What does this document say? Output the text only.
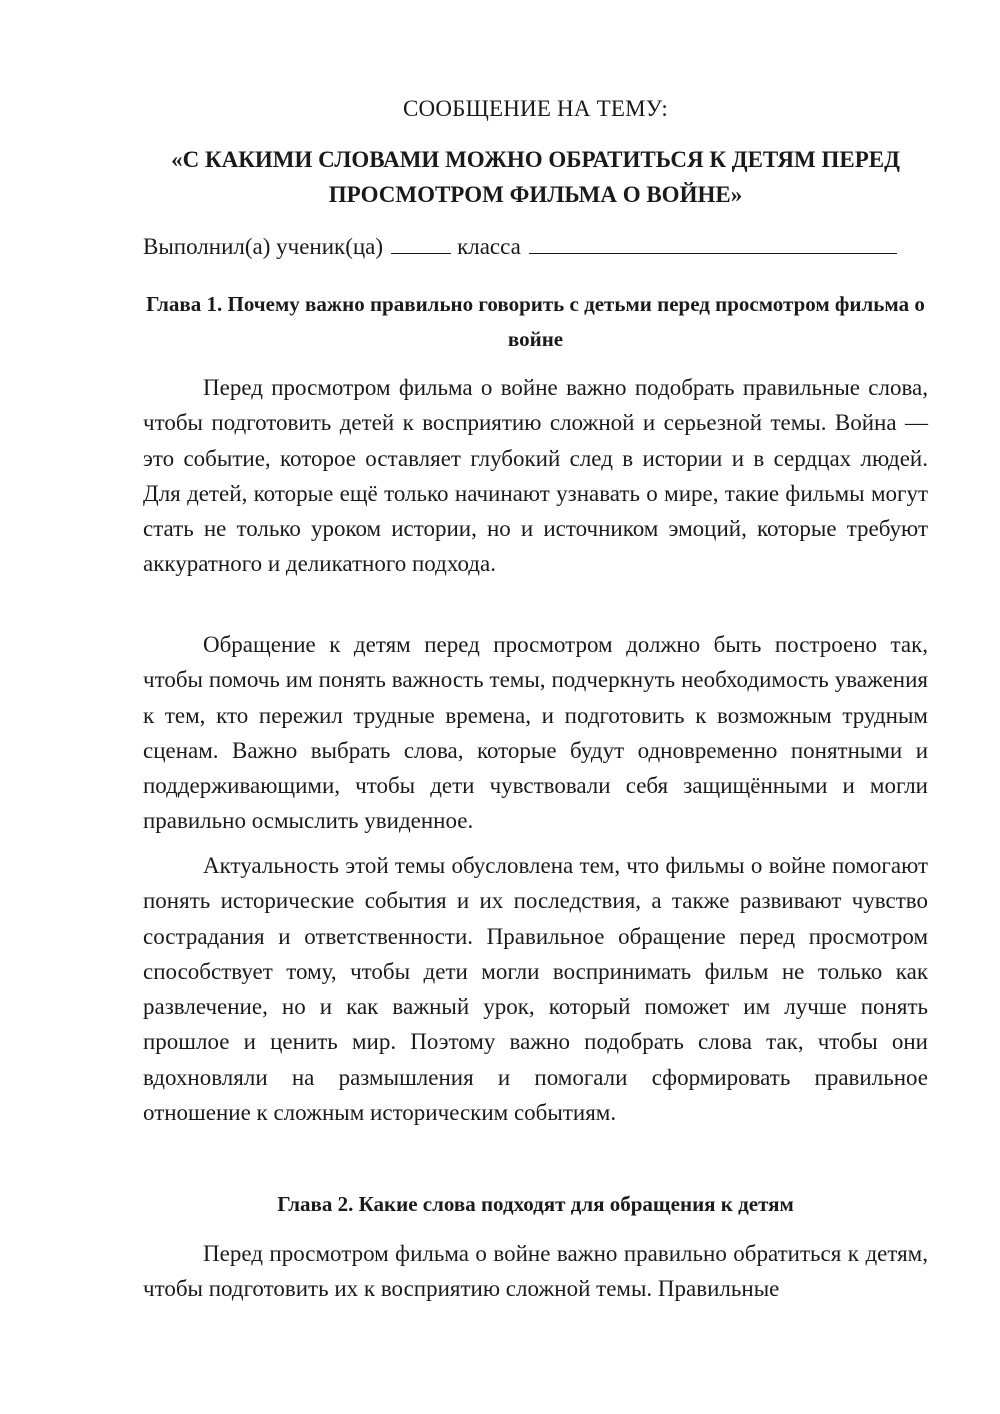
СООБЩЕНИЕ НА ТЕМУ:
«С КАКИМИ СЛОВАМИ МОЖНО ОБРАТИТЬСЯ К ДЕТЯМ ПЕРЕД ПРОСМОТРОМ ФИЛЬМА О ВОЙНЕ»
Выполнил(а) ученик(ца)	класса
Глава 1. Почему важно правильно говорить с детьми перед просмотром фильма о войне

Перед просмотром фильма о войне важно подобрать правильные слова, чтобы подготовить детей к восприятию сложной и серьезной темы. Война — это событие, которое оставляет глубокий след в истории и в сердцах людей. Для детей, которые ещё только начинают узнавать о мире, такие фильмы могут стать не только уроком истории, но и источником эмоций, которые требуют аккуратного и деликатного подхода.

Обращение к детям перед просмотром должно быть построено так, чтобы помочь им понять важность темы, подчеркнуть необходимость уважения к тем, кто пережил трудные времена, и подготовить к возможным трудным сценам. Важно выбрать слова, которые будут одновременно понятными и поддерживающими, чтобы дети чувствовали себя защищёнными и могли правильно осмыслить увиденное.

Актуальность этой темы обусловлена тем, что фильмы о войне помогают понять исторические события и их последствия, а также развивают чувство сострадания и ответственности. Правильное обращение перед просмотром способствует тому, чтобы дети могли воспринимать фильм не только как развлечение, но и как важный урок, который поможет им лучше понять прошлое и ценить мир. Поэтому важно подобрать слова так, чтобы они вдохновляли на размышления и помогали сформировать правильное отношение к сложным историческим событиям.

Глава 2. Какие слова подходят для обращения к детям

Перед просмотром фильма о войне важно правильно обратиться к детям, чтобы подготовить их к восприятию сложной темы. Правильные
